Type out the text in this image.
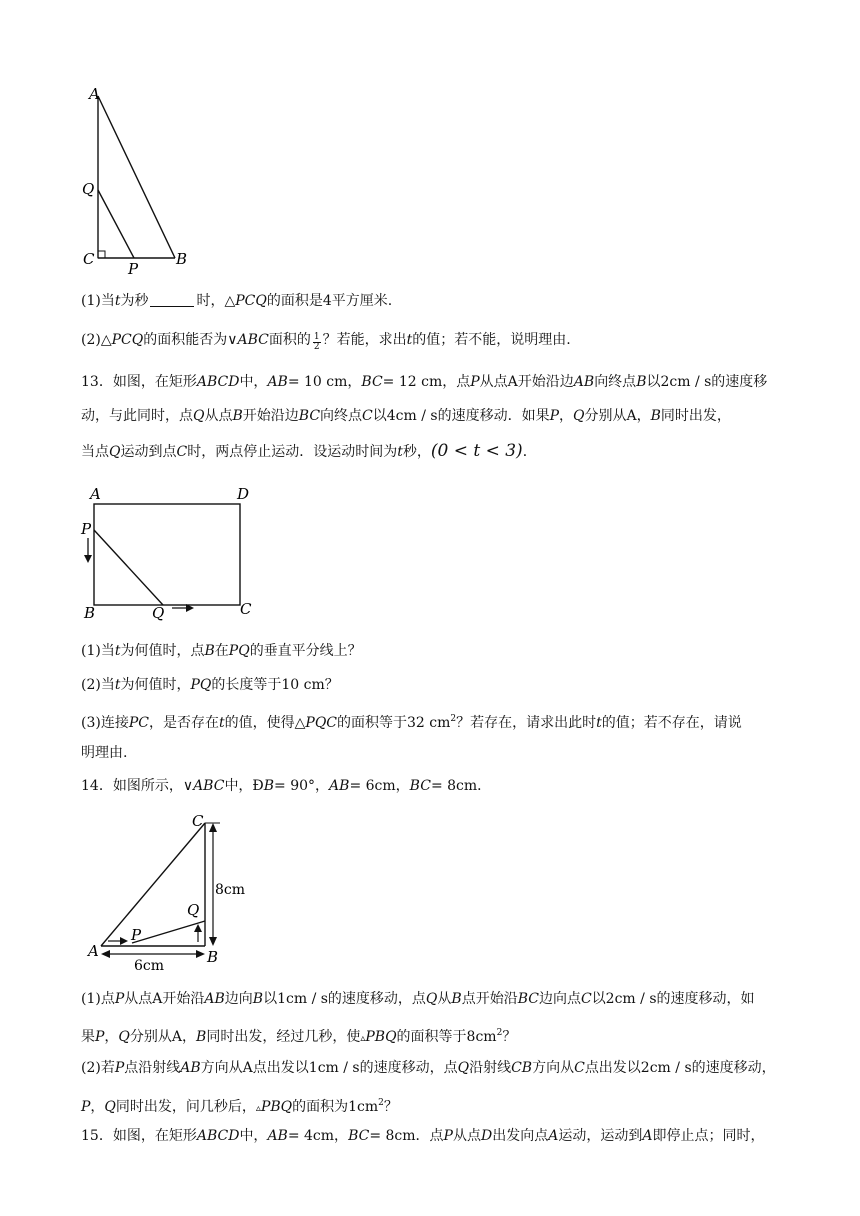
A
Q
C
P
B
(1)当t为秒	时，△PCQ的面积是4平方厘米.
(2)△PCQ的面积能否为∨ABC面积的 $\frac{1}{2}$ ？若能，求出t的值；若不能，说明理由.
13．如图，在矩形ABCD中，AB= 10 cm，BC= 12 cm，点P从点A开始沿边AB向终点B以2cm / s的速度移
动，与此同时，点Q从点B开始沿边BC向终点C以4cm / s的速度移动．如果P，Q分别从A，B同时出发，
当点Q运动到点C时，两点停止运动．设运动时间为t秒，(0 < t < 3)．
A	D
P
B	Q	C
(1)当t为何值时，点B在PQ的垂直平分线上？
(2)当t为何值时，PQ的长度等于10 cm？
(3)连接PC，是否存在t的值，使得△PQC的面积等于32 $cm^2$？若存在，请求出此时t的值；若不存在，请说
明理由.
14．如图所示，∨ABC中，ÐB= 90°，AB= 6cm，BC= 8cm．
8cm
6cm
C
Q
A
P
B
(1)点P从点A开始沿AB边向B以1cm / s的速度移动，点Q从B点开始沿BC边向点C以2cm / s的速度移动，如
果P，Q分别从A，B同时出发，经过几秒，使▵PBQ的面积等于$8cm^2$？
(2)若P点沿射线AB方向从A点出发以1cm / s的速度移动，点Q沿射线CB方向从C点出发以2cm / s的速度移动，
P，Q同时出发，问几秒后，▵PBQ的面积为$1cm^2$？
15．如图，在矩形ABCD中，AB= 4cm，BC= 8cm．点P从点D出发向点A运动，运动到A即停止点；同时，
